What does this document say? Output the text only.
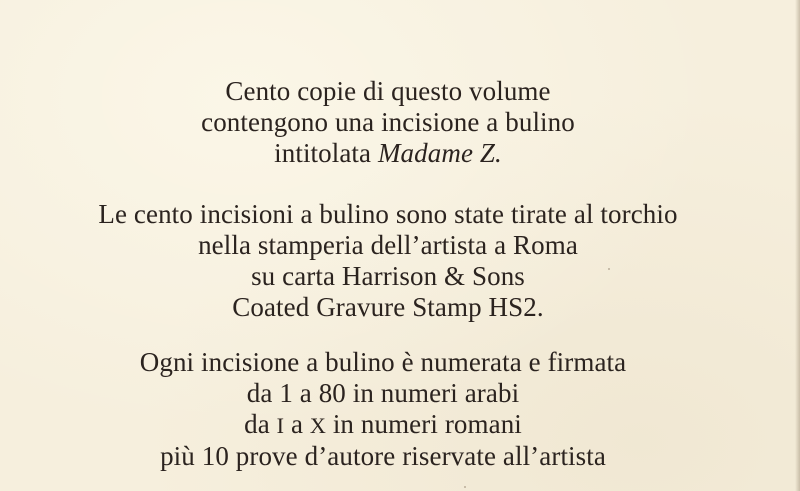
Cento copie di questo volume
contengono una incisione a bulino
intitolata Madame Z.
Le cento incisioni a bulino sono state tirate al torchio
nella stamperia dell’artista a Roma
su carta Harrison & Sons
Coated Gravure Stamp HS2.
Ogni incisione a bulino è numerata e firmata
da 1 a 80 in numeri arabi
da I a X in numeri romani
più 10 prove d’autore riservate all’artista
